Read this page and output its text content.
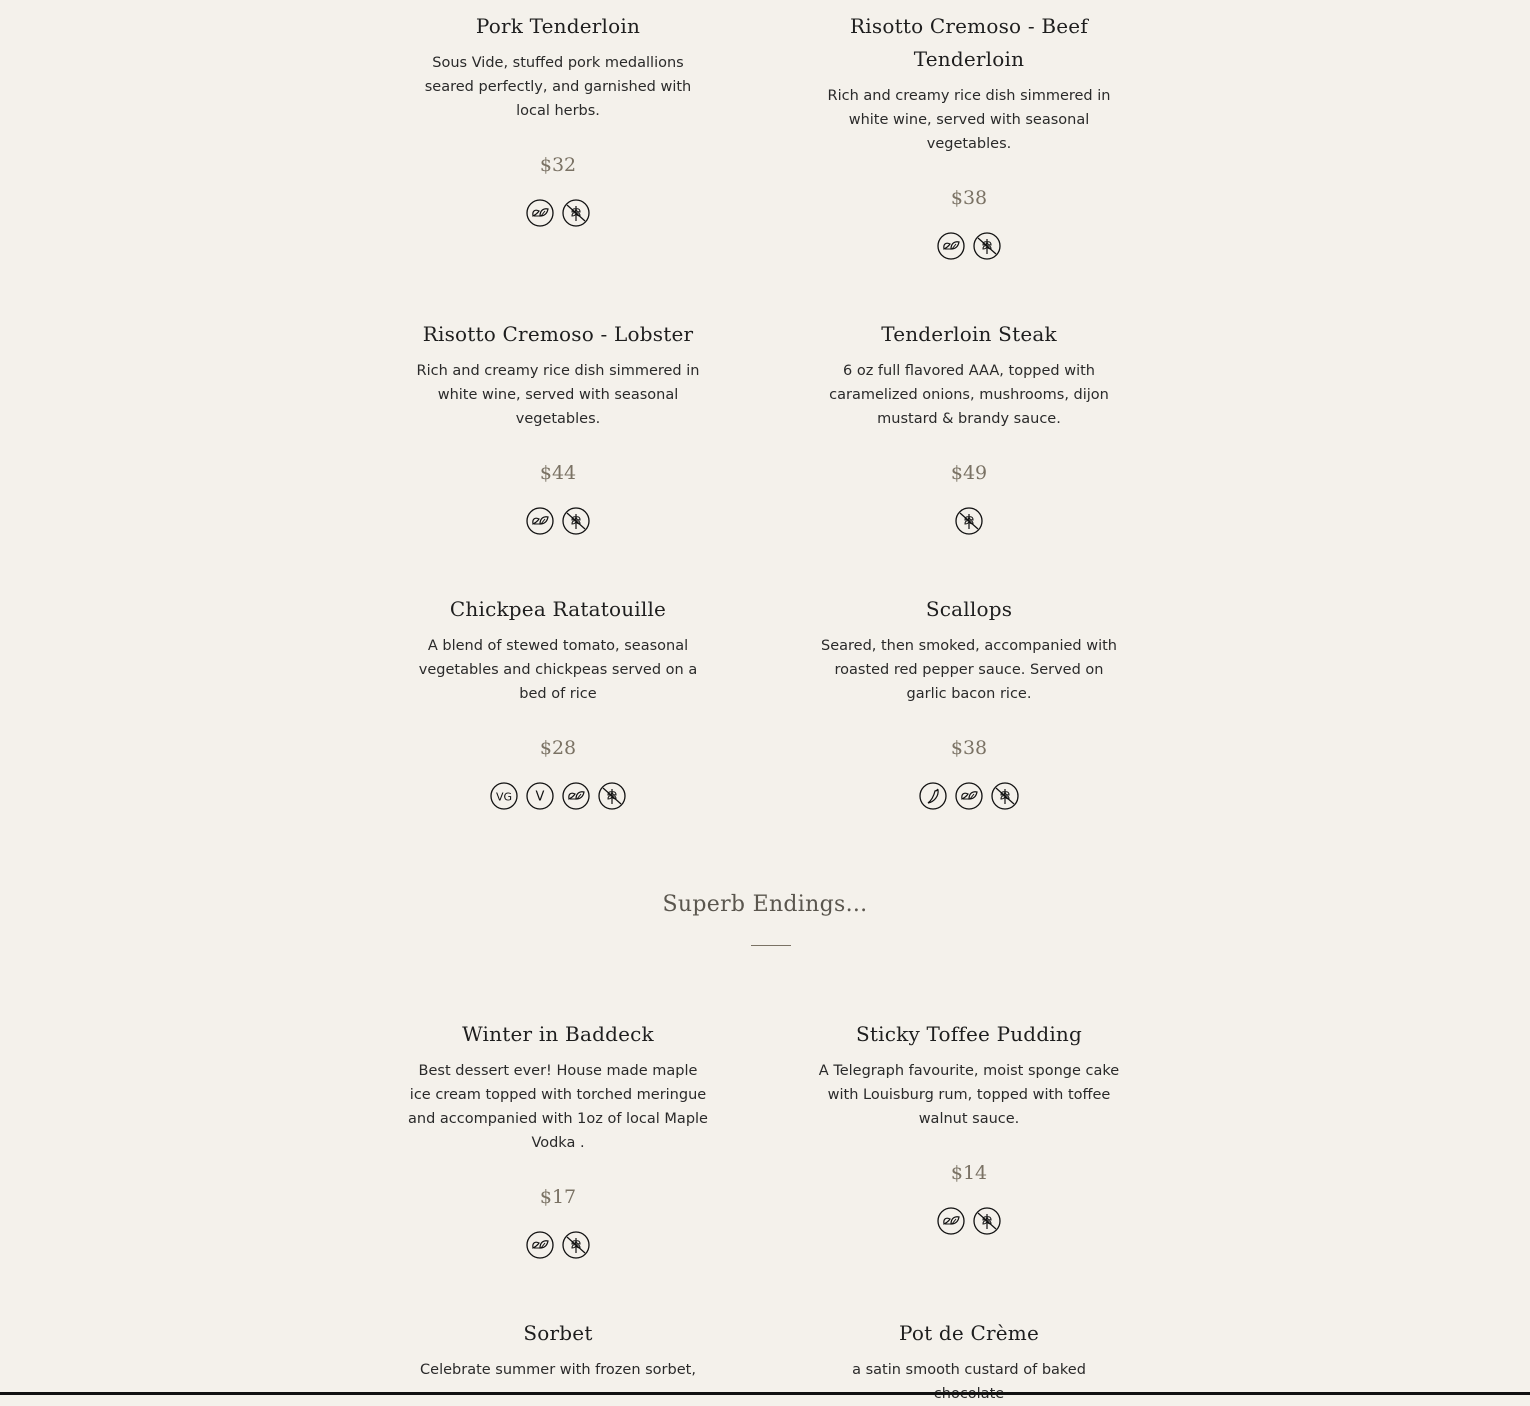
Pork Tenderloin

Sous Vide, stuffed pork medallions seared perfectly, and garnished with local herbs.

$32
Risotto Cremoso - Beef Tenderloin

Rich and creamy rice dish simmered in white wine, served with seasonal vegetables.

$38
Risotto Cremoso - Lobster

Rich and creamy rice dish simmered in white wine, served with seasonal vegetables.

$44
Tenderloin Steak

6 oz full flavored AAA, topped with caramelized onions, mushrooms, dijon mustard & brandy sauce.

$49
Chickpea Ratatouille

A blend of stewed tomato, seasonal vegetables and chickpeas served on a bed of rice

$28
VG V
Scallops

Seared, then smoked, accompanied with roasted red pepper sauce. Served on garlic bacon rice.

$38
Superb Endings...
Winter in Baddeck

Best dessert ever! House made maple ice cream topped with torched meringue and accompanied with 1oz of local Maple Vodka .

$17
Sticky Toffee Pudding

A Telegraph favourite, moist sponge cake with Louisburg rum, topped with toffee walnut sauce.

$14
Sorbet

Celebrate summer with frozen sorbet,

Pot de Crème

a satin smooth custard of baked
